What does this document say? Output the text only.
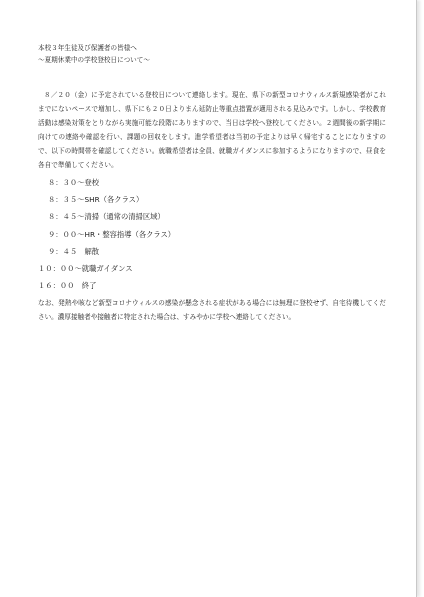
本校３年生徒及び保護者の皆様へ
～夏期休業中の学校登校日について～
８／２０（金）に予定されている登校日について連絡します。現在、県下の新型コロナウィルス新規感染者がこれまでにないペースで増加し、県下にも２０日よりまん延防止等重点措置が適用される見込みです。しかし、学校教育活動は感染対策をとりながら実施可能な段階にありますので、当日は学校へ登校してください。２週間後の新学期に向けての連絡や確認を行い、課題の回収をします。進学希望者は当初の予定よりは早く帰宅することになりますので、以下の時間帯を確認してください。就職希望者は全員、就職ガイダンスに参加するようになりますので、昼食を各自で準備してください。
８：３０～登校
８：３５～SHR（各クラス）
８：４５～清掃（通常の清掃区域）
９：００～HR・整容指導（各クラス）
９：４５　解散
１０：００～就職ガイダンス
１６：００　終了
なお、発熱や咳など新型コロナウィルスの感染が懸念される症状がある場合には無理に登校せず、自宅待機してください。濃厚接触者や接触者に特定された場合は、すみやかに学校へ連絡してください。
